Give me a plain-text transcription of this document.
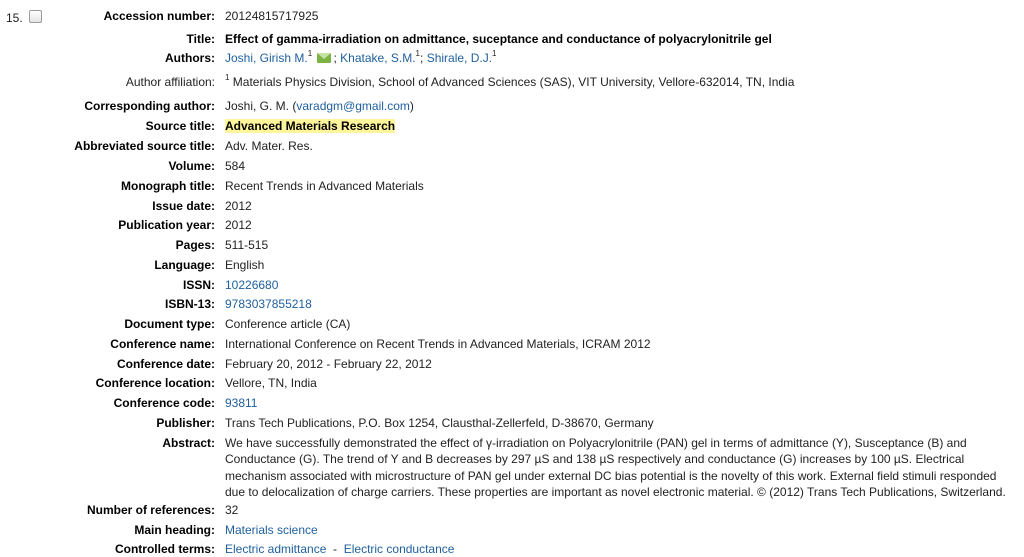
15.	Accession number: 20124815717925
Title: Effect of gamma-irradiation on admittance, suceptance and conductance of polyacrylonitrile gel
Authors: Joshi, Girish M.$^1$ ; Khatake, S.M.$^1$; Shirale, D.J.$^1$
Author affiliation: $^1$ Materials Physics Division, School of Advanced Sciences (SAS), VIT University, Vellore-632014, TN, India
Corresponding author: Joshi, G. M. (varadgm@gmail.com)
Source title: Advanced Materials Research
Abbreviated source title: Adv. Mater. Res.
Volume: 584
Monograph title: Recent Trends in Advanced Materials
Issue date: 2012
Publication year: 2012
Pages: 511-515
Language: English
ISSN: 10226680
ISBN-13: 9783037855218
Document type: Conference article (CA)
Conference name: International Conference on Recent Trends in Advanced Materials, ICRAM 2012
Conference date: February 20, 2012 - February 22, 2012
Conference location: Vellore, TN, India
Conference code: 93811
Publisher: Trans Tech Publications, P.O. Box 1254, Clausthal-Zellerfeld, D-38670, Germany
Abstract: We have successfully demonstrated the effect of γ-irradiation on Polyacrylonitrile (PAN) gel in terms of admittance (Y), Susceptance (B) and Conductance (G). The trend of Y and B decreases by 297 µS and 138 µS respectively and conductance (G) increases by 100 µS. Electrical mechanism associated with microstructure of PAN gel under external DC bias potential is the novelty of this work. External field stimuli responded due to delocalization of charge carriers. These properties are important as novel electronic material. © (2012) Trans Tech Publications, Switzerland.
Number of references: 32
Main heading: Materials science
Controlled terms: Electric admittance  -  Electric conductance
